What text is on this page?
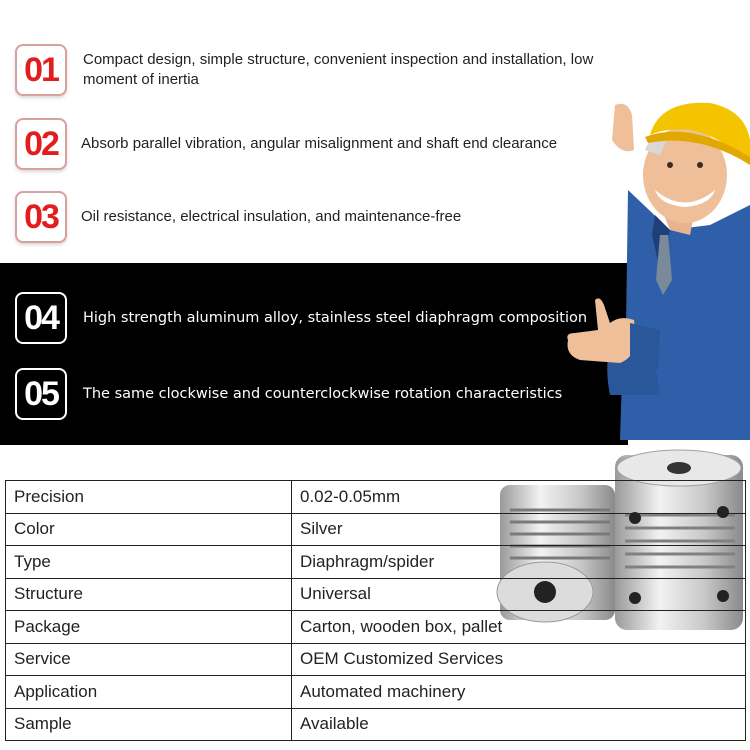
01	Compact design, simple structure, convenient inspection and installation, low moment of inertia
02	Absorb parallel vibration, angular misalignment and shaft end clearance
03	Oil resistance, electrical insulation, and maintenance-free
04	High strength aluminum alloy, stainless steel diaphragm composition
05	The same clockwise and counterclockwise rotation characteristics
Precision	0.02-0.05mm
Color	Silver
Type	Diaphragm/spider
Structure	Universal
Package	Carton, wooden box, pallet
Service	OEM Customized Services
Application	Automated machinery
Sample	Available
